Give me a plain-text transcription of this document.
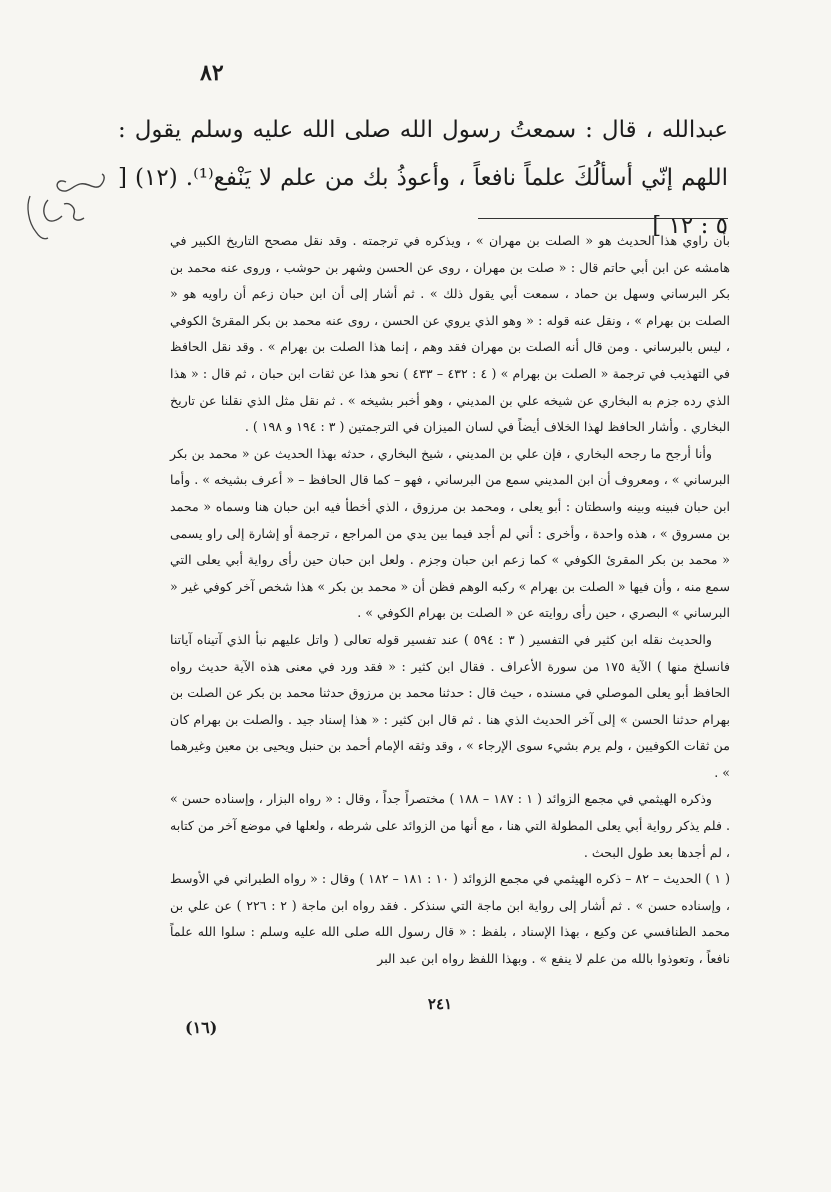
٨٢
عبدالله ، قال : سمعتُ رسول الله صلى الله عليه وسلم يقول : اللهم إنّي أسألُكَ علماً نافعاً ، وأعوذُ بك من علم لا يَنْفع⁽¹⁾. (١٢) [ ٥ : ١٢ ]

بأن راوي هذا الحديث هو « الصلت بن مهران » ، ويذكره في ترجمته . وقد نقل مصحح التاريخ الكبير في هامشه عن ابن أبي حاتم قال : « صلت بن مهران ، روى عن الحسن وشهر بن حوشب ، وروى عنه محمد بن بكر البرساني وسهل بن حماد ، سمعت أبي يقول ذلك » . ثم أشار إلى أن ابن حبان زعم أن راويه هو « الصلت بن بهرام » ، ونقل عنه قوله : « وهو الذي يروي عن الحسن ، روى عنه محمد بن بكر المقرئ الكوفي ، ليس بالبرساني . ومن قال أنه الصلت بن مهران فقد وهم ، إنما هذا الصلت بن بهرام » . وقد نقل الحافظ في التهذيب في ترجمة « الصلت بن بهرام » ( ٤ : ٤٣٢ – ٤٣٣ ) نحو هذا عن ثقات ابن حبان ، ثم قال : « هذا الذي رده جزم به البخاري عن شيخه علي بن المديني ، وهو أخبر بشيخه » . ثم نقل مثل الذي نقلنا عن تاريخ البخاري . وأشار الحافظ لهذا الخلاف أيضاً في لسان الميزان في الترجمتين ( ٣ : ١٩٤ و ١٩٨ ) .

وأنا أرجح ما رجحه البخاري ، فإن علي بن المديني ، شيخ البخاري ، حدثه بهذا الحديث عن « محمد بن بكر البرساني » ، ومعروف أن ابن المديني سمع من البرساني ، فهو – كما قال الحافظ – « أعرف بشيخه » . وأما ابن حبان فبينه وبينه واسطتان : أبو يعلى ، ومحمد بن مرزوق ، الذي أخطأ فيه ابن حبان هنا وسماه « محمد بن مسروق » ، هذه واحدة ، وأخرى : أني لم أجد فيما بين يدي من المراجع ، ترجمة أو إشارة إلى راو يسمى « محمد بن بكر المقرئ الكوفي » كما زعم ابن حبان وجزم . ولعل ابن حبان حين رأى رواية أبي يعلى التي سمع منه ، وأن فيها « الصلت بن بهرام » ركبه الوهم فظن أن « محمد بن بكر » هذا شخص آخر كوفي غير « البرساني » البصري ، حين رأى روايته عن « الصلت بن بهرام الكوفي » .

والحديث نقله ابن كثير في التفسير ( ٣ : ٥٩٤ ) عند تفسير قوله تعالى ( واتل عليهم نبأ الذي آتيناه آياتنا فانسلخ منها ) الآية ١٧٥ من سورة الأعراف . فقال ابن كثير : « فقد ورد في معنى هذه الآية حديث رواه الحافظ أبو يعلى الموصلي في مسنده ، حيث قال : حدثنا محمد بن مرزوق حدثنا محمد بن بكر عن الصلت بن بهرام حدثنا الحسن » إلى آخر الحديث الذي هنا . ثم قال ابن كثير : « هذا إسناد جيد . والصلت بن بهرام كان من ثقات الكوفيين ، ولم يرم بشيء سوى الإرجاء » ، وقد وثقه الإمام أحمد بن حنبل ويحيى بن معين وغيرهما » .

وذكره الهيثمي في مجمع الزوائد ( ١ : ١٨٧ – ١٨٨ ) مختصراً جداً ، وقال : « رواه البزار ، وإسناده حسن » . فلم يذكر رواية أبي يعلى المطولة التي هنا ، مع أنها من الزوائد على شرطه ، ولعلها في موضع آخر من كتابه ، لم أجدها بعد طول البحث .

( ١ ) الحديث – ٨٢ – ذكره الهيثمي في مجمع الزوائد ( ١٠ : ١٨١ – ١٨٢ ) وقال : « رواه الطبراني في الأوسط ، وإسناده حسن » . ثم أشار إلى رواية ابن ماجة التي سنذكر . فقد رواه ابن ماجة ( ٢ : ٢٢٦ ) عن علي بن محمد الطنافسي عن وكيع ، بهذا الإسناد ، بلفظ : « قال رسول الله صلى الله عليه وسلم : سلوا الله علماً نافعاً ، وتعوذوا بالله من علم لا ينفع » . وبهذا اللفظ رواه ابن عبد البر

٢٤١
(١٦)
